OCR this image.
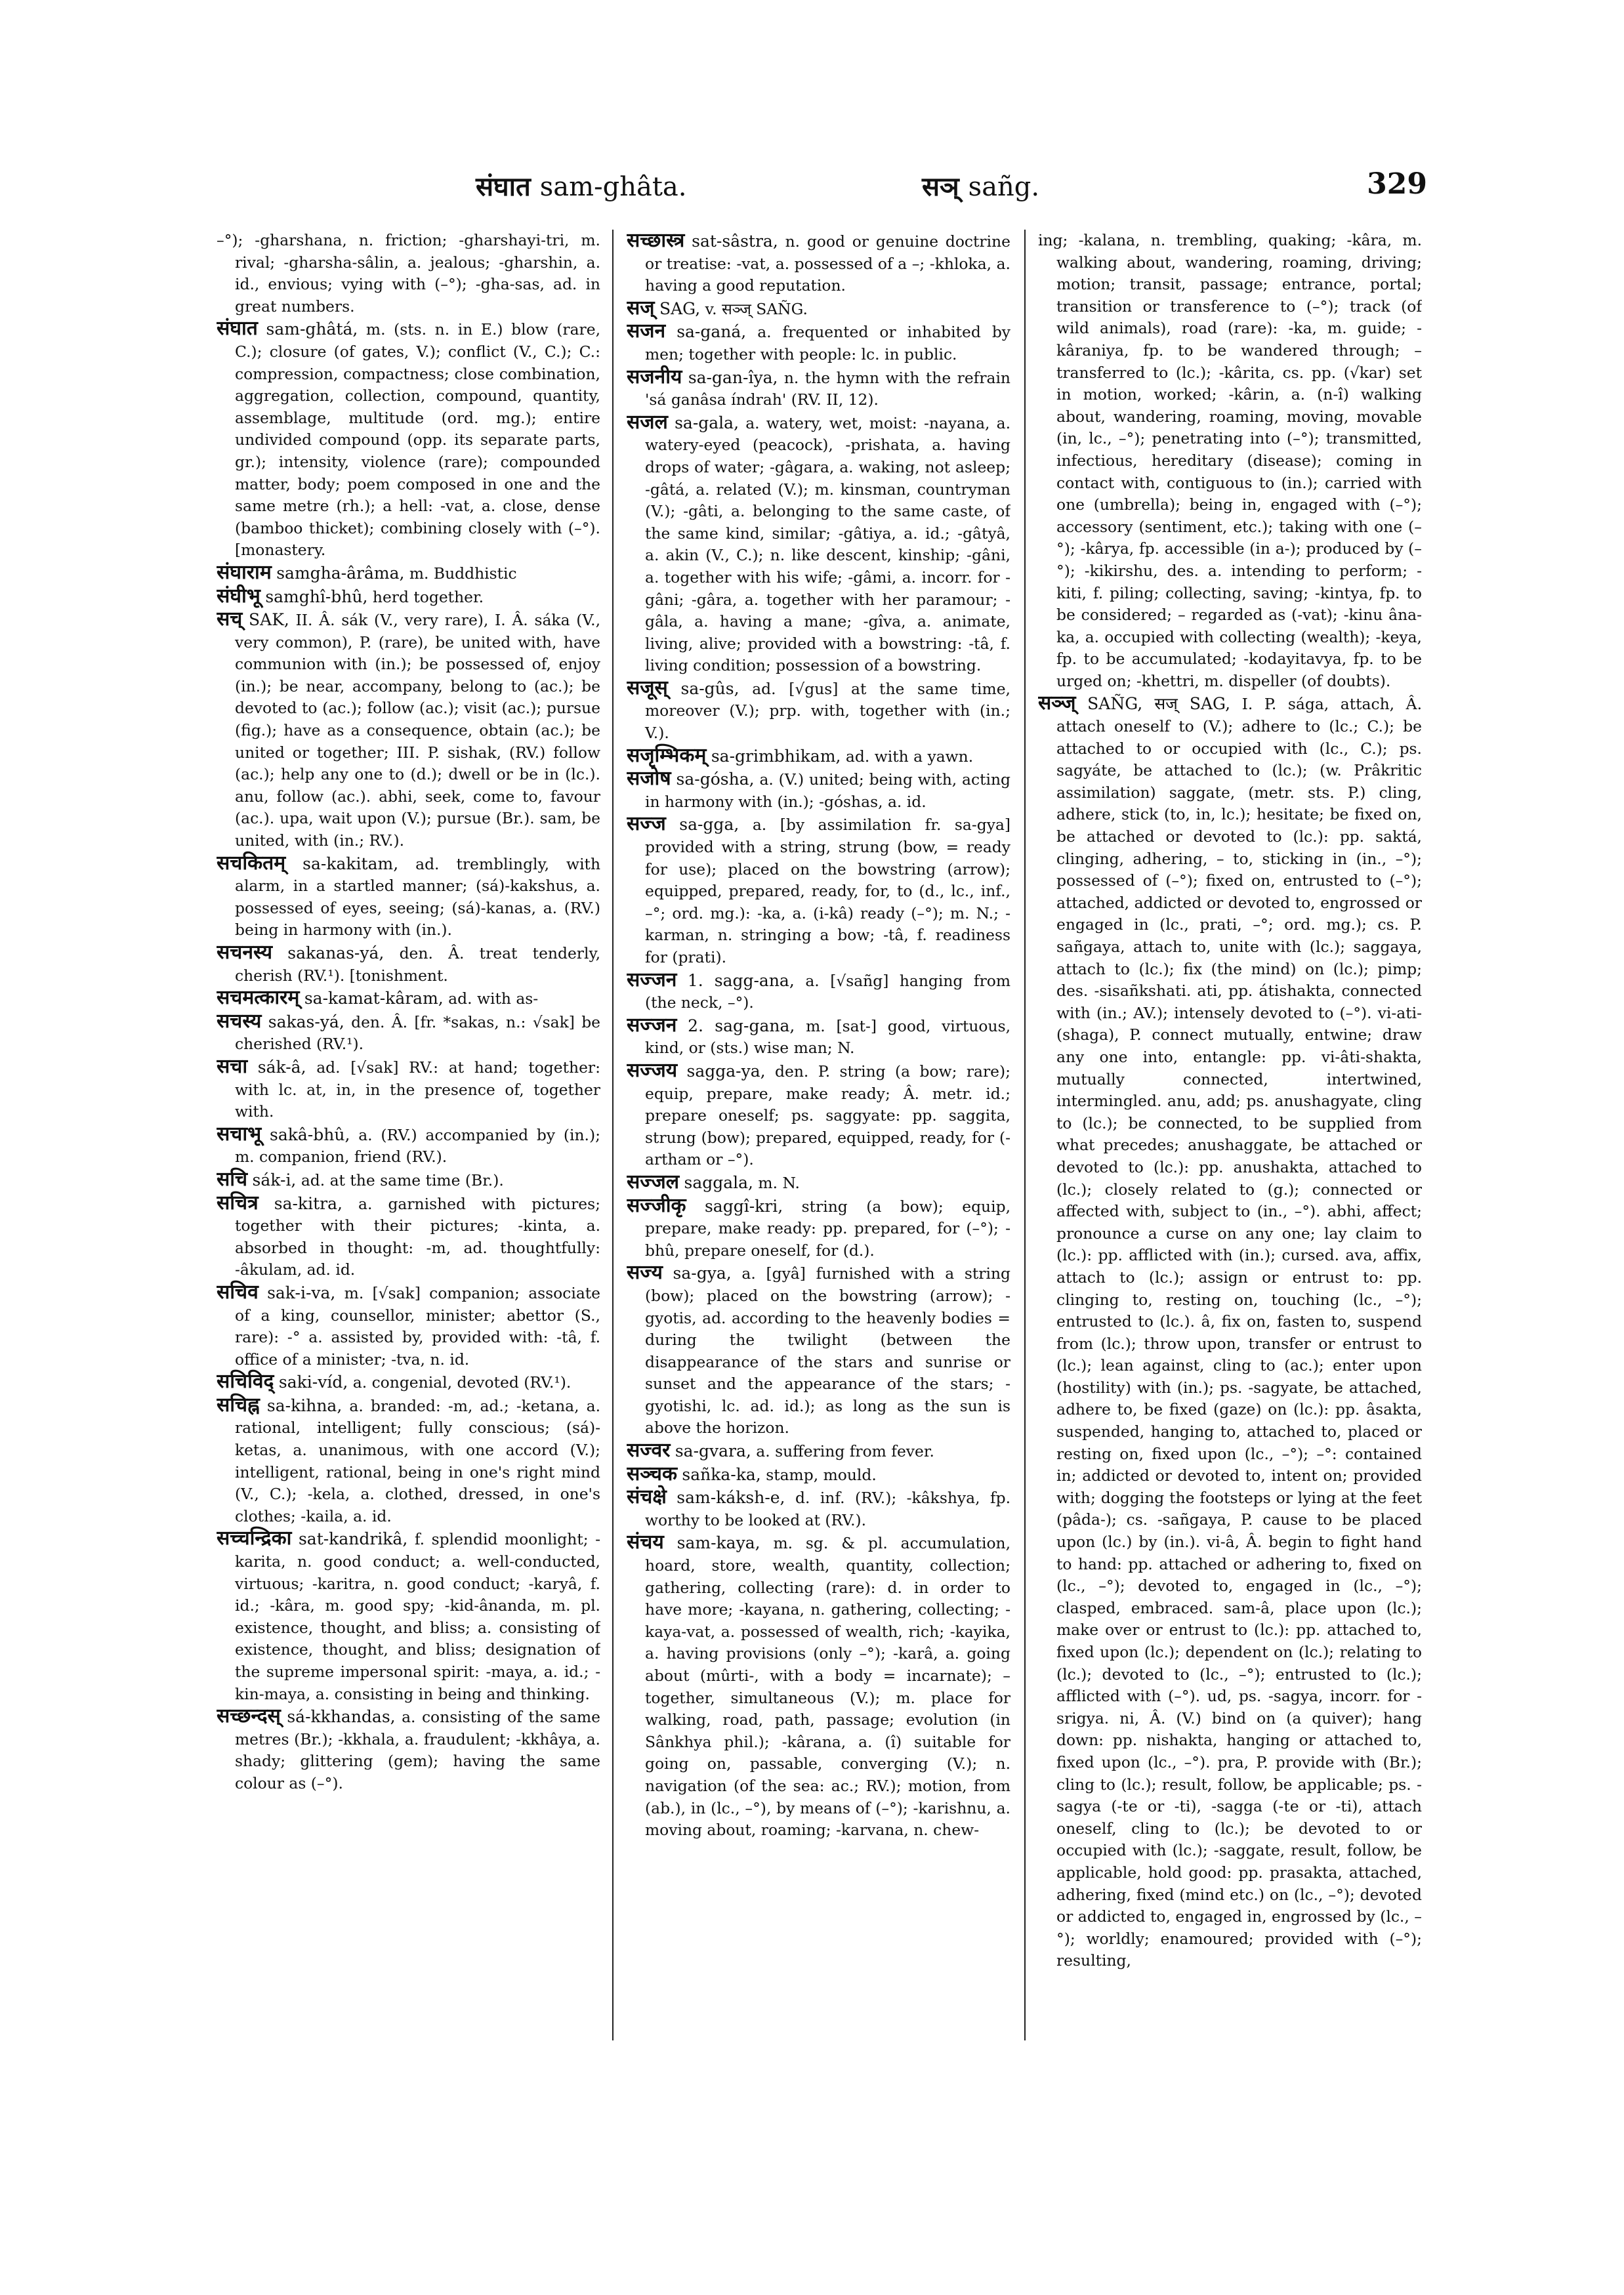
संघात sam-ghâta.	सञ् sañg.	329

–°); -gharshana, n. friction; -gharshayi-tri, m. rival; -gharsha-sâlin, a. jealous; -gharshin, a. id., envious; vying with (–°); -gha-sas, ad. in great numbers.

संघात sam-ghâtá, m. (sts. n. in E.) blow (rare, C.); closure (of gates, V.); conflict (V., C.); C.: compression, compactness; close combination, aggregation, collection, compound, quantity, assemblage, multitude (ord. mg.); entire undivided compound (opp. its separate parts, gr.); intensity, violence (rare); compounded matter, body; poem composed in one and the same metre (rh.); a hell: -vat, a. close, dense (bamboo thicket); combining closely with (–°). [monastery.

संघाराम samgha-ârâma, m. Buddhistic

संघीभू samghî-bhû, herd together.

सच् SAK, II. Â. sák (V., very rare), I. Â. sáka (V., very common), P. (rare), be united with, have communion with (in.); be possessed of, enjoy (in.); be near, accompany, belong to (ac.); be devoted to (ac.); follow (ac.); visit (ac.); pursue (fig.); have as a consequence, obtain (ac.); be united or together; III. P. sishak, (RV.) follow (ac.); help any one to (d.); dwell or be in (lc.). anu, follow (ac.). abhi, seek, come to, favour (ac.). upa, wait upon (V.); pursue (Br.). sam, be united, with (in.; RV.).

सचकितम् sa-kakitam, ad. tremblingly, with alarm, in a startled manner; (sá)-kakshus, a. possessed of eyes, seeing; (sá)-kanas, a. (RV.) being in harmony with (in.).

सचनस्य sakanas-yá, den. Â. treat tenderly, cherish (RV.¹). [tonishment.

सचमत्कारम् sa-kamat-kâram, ad. with as-

सचस्य sakas-yá, den. Â. [fr. *sakas, n.: √sak] be cherished (RV.¹).

सचा sák-â, ad. [√sak] RV.: at hand; together: with lc. at, in, in the presence of, together with.

सचाभू sakâ-bhû, a. (RV.) accompanied by (in.); m. companion, friend (RV.).

सचि sák-i, ad. at the same time (Br.).

सचित्र sa-kitra, a. garnished with pictures; together with their pictures; -kinta, a. absorbed in thought: -m, ad. thoughtfully: -âkulam, ad. id.

सचिव sak-i-va, m. [√sak] companion; associate of a king, counsellor, minister; abettor (S., rare): -° a. assisted by, provided with: -tâ, f. office of a minister; -tva, n. id.

सचिविद् saki-víd, a. congenial, devoted (RV.¹).

सचिह्न sa-kihna, a. branded: -m, ad.; -ketana, a. rational, intelligent; fully conscious; (sá)-ketas, a. unanimous, with one accord (V.); intelligent, rational, being in one's right mind (V., C.); -kela, a. clothed, dressed, in one's clothes; -kaila, a. id.

सच्चन्द्रिका sat-kandrikâ, f. splendid moonlight; -karita, n. good conduct; a. well-conducted, virtuous; -karitra, n. good conduct; -karyâ, f. id.; -kâra, m. good spy; -kid-ânanda, m. pl. existence, thought, and bliss; a. consisting of existence, thought, and bliss; designation of the supreme impersonal spirit: -maya, a. id.; -kin-maya, a. consisting in being and thinking.

सच्छन्दस् sá-kkhandas, a. consisting of the same metres (Br.); -kkhala, a. fraudulent; -kkhâya, a. shady; glittering (gem); having the same colour as (–°).

सच्छास्त्र sat-sâstra, n. good or genuine doctrine or treatise: -vat, a. possessed of a –; -khloka, a. having a good reputation.

सज् SAG, v. सञ्ज् SAÑG.

सजन sa-ganá, a. frequented or inhabited by men; together with people: lc. in public.

सजनीय sa-gan-îya, n. the hymn with the refrain 'sá ganâsa índrah' (RV. II, 12).

सजल sa-gala, a. watery, wet, moist: -nayana, a. watery-eyed (peacock), -prishata, a. having drops of water; -gâgara, a. waking, not asleep; -gâtá, a. related (V.); m. kinsman, countryman (V.); -gâti, a. belonging to the same caste, of the same kind, similar; -gâtiya, a. id.; -gâtyâ, a. akin (V., C.); n. like descent, kinship; -gâni, a. together with his wife; -gâmi, a. incorr. for -gâni; -gâra, a. together with her paramour; -gâla, a. having a mane; -gîva, a. animate, living, alive; provided with a bowstring: -tâ, f. living condition; possession of a bowstring.

सजूस् sa-gûs, ad. [√gus] at the same time, moreover (V.); prp. with, together with (in.; V.).

सजृम्भिकम् sa-grimbhikam, ad. with a yawn.

सजोष sa-gósha, a. (V.) united; being with, acting in harmony with (in.); -góshas, a. id.

सज्ज sa-gga, a. [by assimilation fr. sa-gya] provided with a string, strung (bow, = ready for use); placed on the bowstring (arrow); equipped, prepared, ready, for, to (d., lc., inf., –°; ord. mg.): -ka, a. (i-kâ) ready (–°); m. N.; -karman, n. stringing a bow; -tâ, f. readiness for (prati).

सज्जन 1. sagg-ana, a. [√sañg] hanging from (the neck, –°).

सज्जन 2. sag-gana, m. [sat-] good, virtuous, kind, or (sts.) wise man; N.

सज्जय sagga-ya, den. P. string (a bow; rare); equip, prepare, make ready; Â. metr. id.; prepare oneself; ps. saggyate: pp. saggita, strung (bow); prepared, equipped, ready, for (-artham or –°).

सज्जल saggala, m. N.

सज्जीकृ saggî-kri, string (a bow); equip, prepare, make ready: pp. prepared, for (–°); -bhû, prepare oneself, for (d.).

सज्य sa-gya, a. [gyâ] furnished with a string (bow); placed on the bowstring (arrow); -gyotis, ad. according to the heavenly bodies = during the twilight (between the disappearance of the stars and sunrise or sunset and the appearance of the stars; -gyotishi, lc. ad. id.); as long as the sun is above the horizon.

सज्वर sa-gvara, a. suffering from fever.

सञ्चक sañka-ka, stamp, mould.

संचक्षे sam-káksh-e, d. inf. (RV.); -kâkshya, fp. worthy to be looked at (RV.).

संचय sam-kaya, m. sg. & pl. accumulation, hoard, store, wealth, quantity, collection; gathering, collecting (rare): d. in order to have more; -kayana, n. gathering, collecting; -kaya-vat, a. possessed of wealth, rich; -kayika, a. having provisions (only –°); -karâ, a. going about (mûrti-, with a body = incarnate); – together, simultaneous (V.); m. place for walking, road, path, passage; evolution (in Sânkhya phil.); -kârana, a. (î) suitable for going on, passable, converging (V.); n. navigation (of the sea: ac.; RV.); motion, from (ab.), in (lc., –°), by means of (–°); -karishnu, a. moving about, roaming; -karvana, n. chew-

ing; -kalana, n. trembling, quaking; -kâra, m. walking about, wandering, roaming, driving; motion; transit, passage; entrance, portal; transition or transference to (–°); track (of wild animals), road (rare): -ka, m. guide; -kâraniya, fp. to be wandered through; – transferred to (lc.); -kârita, cs. pp. (√kar) set in motion, worked; -kârin, a. (n-î) walking about, wandering, roaming, moving, movable (in, lc., –°); penetrating into (–°); transmitted, infectious, hereditary (disease); coming in contact with, contiguous to (in.); carried with one (umbrella); being in, engaged with (–°); accessory (sentiment, etc.); taking with one (–°); -kârya, fp. accessible (in a-); produced by (–°); -kikirshu, des. a. intending to perform; -kiti, f. piling; collecting, saving; -kintya, fp. to be considered; – regarded as (-vat); -kinu âna-ka, a. occupied with collecting (wealth); -keya, fp. to be accumulated; -kodayitavya, fp. to be urged on; -khettri, m. dispeller (of doubts).

सञ्ज् SAÑG, सज् SAG, I. P. sága, attach, Â. attach oneself to (V.); adhere to (lc.; C.); be attached to or occupied with (lc., C.); ps. sagyáte, be attached to (lc.); (w. Prâkritic assimilation) saggate, (metr. sts. P.) cling, adhere, stick (to, in, lc.); hesitate; be fixed on, be attached or devoted to (lc.): pp. saktá, clinging, adhering, – to, sticking in (in., –°); possessed of (–°); fixed on, entrusted to (–°); attached, addicted or devoted to, engrossed or engaged in (lc., prati, –°; ord. mg.); cs. P. sañgaya, attach to, unite with (lc.); saggaya, attach to (lc.); fix (the mind) on (lc.); pimp; des. -sisañkshati. ati, pp. átishakta, connected with (in.; AV.); intensely devoted to (–°). vi-ati-(shaga), P. connect mutually, entwine; draw any one into, entangle: pp. vi-âti-shakta, mutually connected, intertwined, intermingled. anu, add; ps. anushagyate, cling to (lc.); be connected, to be supplied from what precedes; anushaggate, be attached or devoted to (lc.): pp. anushakta, attached to (lc.); closely related to (g.); connected or affected with, subject to (in., –°). abhi, affect; pronounce a curse on any one; lay claim to (lc.): pp. afflicted with (in.); cursed. ava, affix, attach to (lc.); assign or entrust to: pp. clinging to, resting on, touching (lc., –°); entrusted to (lc.). â, fix on, fasten to, suspend from (lc.); throw upon, transfer or entrust to (lc.); lean against, cling to (ac.); enter upon (hostility) with (in.); ps. -sagyate, be attached, adhere to, be fixed (gaze) on (lc.): pp. âsakta, suspended, hanging to, attached to, placed or resting on, fixed upon (lc., –°); –°: contained in; addicted or devoted to, intent on; provided with; dogging the footsteps or lying at the feet (pâda-); cs. -sañgaya, P. cause to be placed upon (lc.) by (in.). vi-â, Â. begin to fight hand to hand: pp. attached or adhering to, fixed on (lc., –°); devoted to, engaged in (lc., –°); clasped, embraced. sam-â, place upon (lc.); make over or entrust to (lc.): pp. attached to, fixed upon (lc.); dependent on (lc.); relating to (lc.); devoted to (lc., –°); entrusted to (lc.); afflicted with (–°). ud, ps. -sagya, incorr. for -srigya. ni, Â. (V.) bind on (a quiver); hang down: pp. nishakta, hanging or attached to, fixed upon (lc., –°). pra, P. provide with (Br.); cling to (lc.); result, follow, be applicable; ps. -sagya (-te or -ti), -sagga (-te or -ti), attach oneself, cling to (lc.); be devoted to or occupied with (lc.); -saggate, result, follow, be applicable, hold good: pp. prasakta, attached, adhering, fixed (mind etc.) on (lc., –°); devoted or addicted to, engaged in, engrossed by (lc., –°); worldly; enamoured; provided with (–°); resulting,
